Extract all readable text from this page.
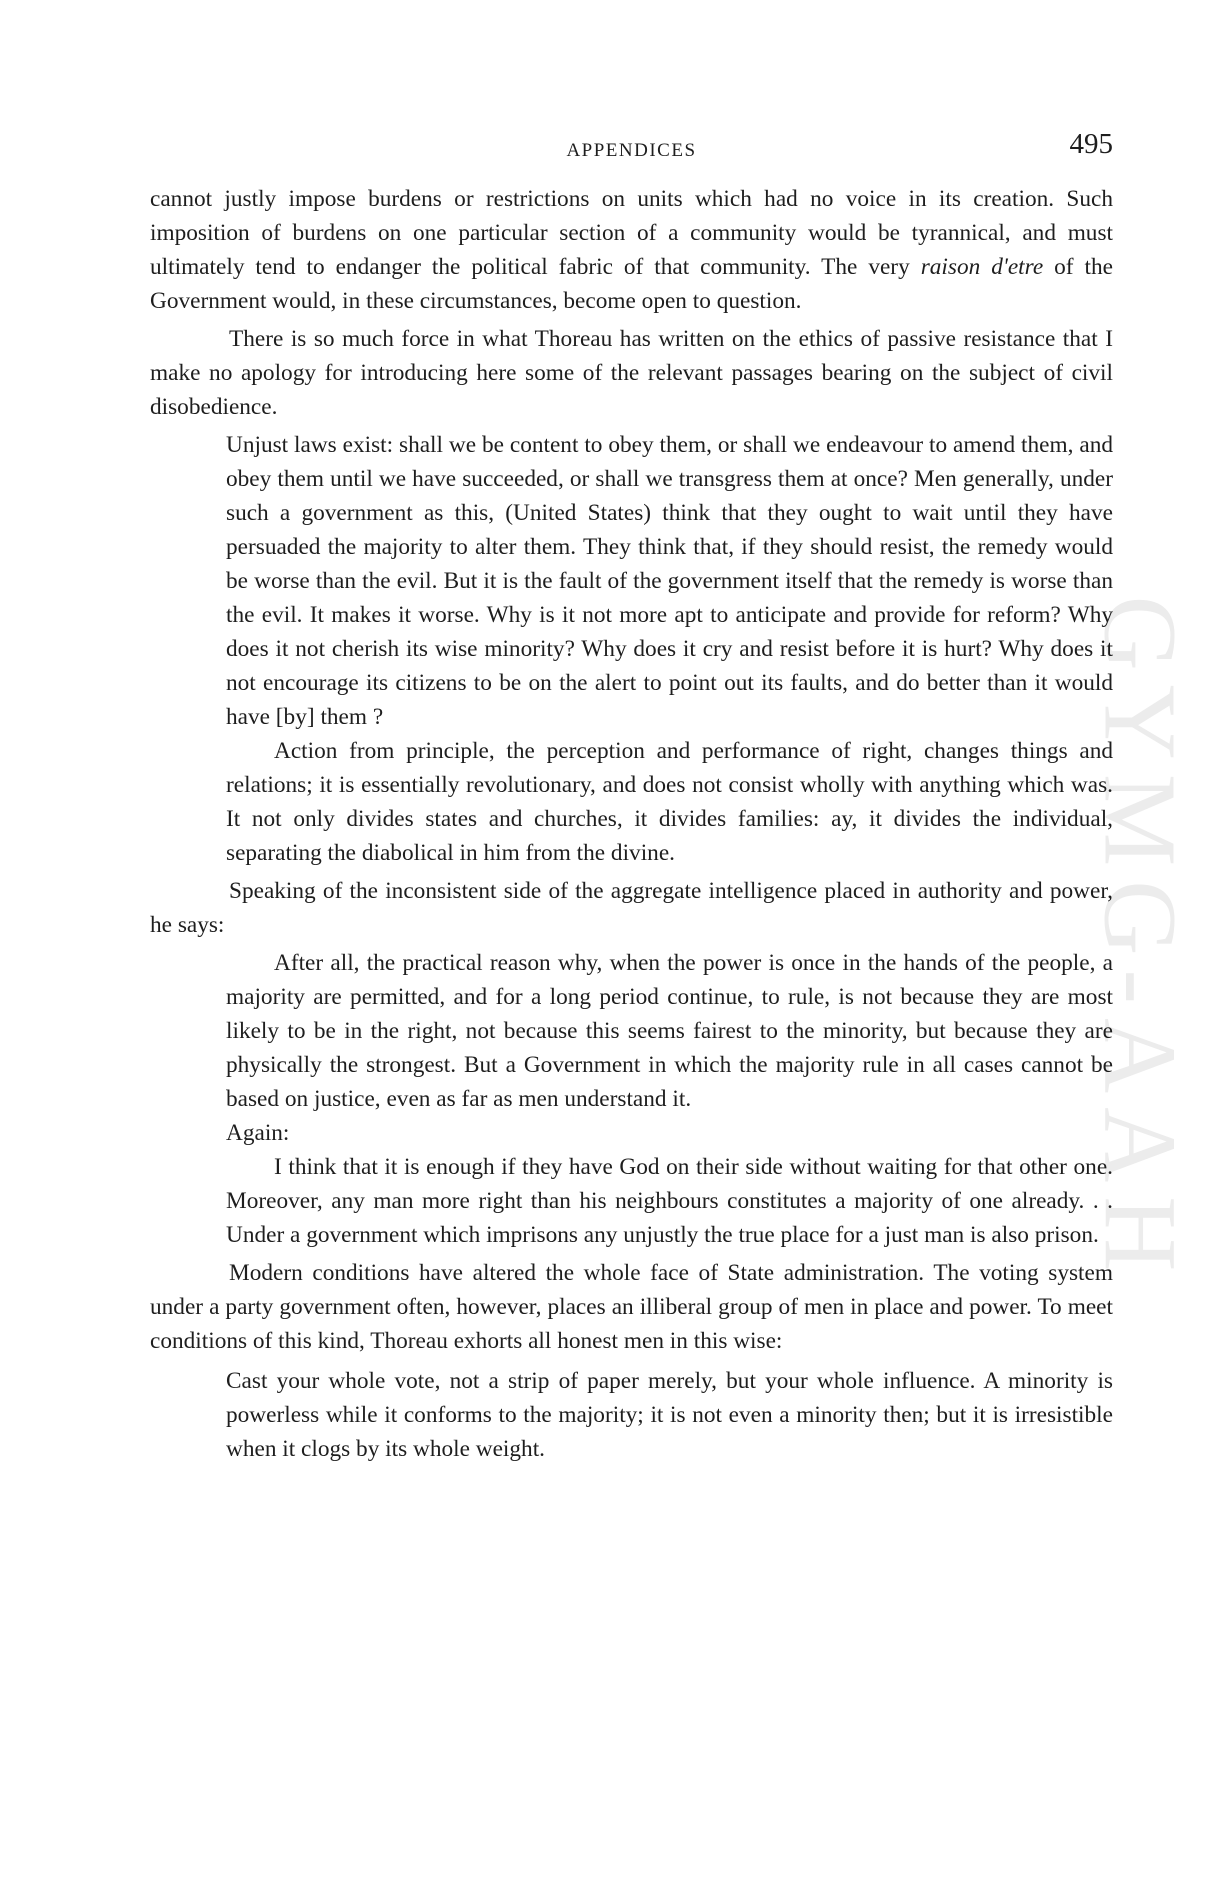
GYMG-AAH
APPENDICES	495

cannot justly impose burdens or restrictions on units which had no voice in its creation. Such imposition of burdens on one particular section of a community would be tyrannical, and must ultimately tend to endanger the political fabric of that community. The very raison d'etre of the Government would, in these circumstances, become open to question.

There is so much force in what Thoreau has written on the ethics of passive resistance that I make no apology for introducing here some of the relevant passages bearing on the subject of civil disobedience.

Unjust laws exist: shall we be content to obey them, or shall we endeavour to amend them, and obey them until we have succeeded, or shall we transgress them at once? Men generally, under such a government as this, (United States) think that they ought to wait until they have persuaded the majority to alter them. They think that, if they should resist, the remedy would be worse than the evil. But it is the fault of the government itself that the remedy is worse than the evil. It makes it worse. Why is it not more apt to anticipate and provide for reform? Why does it not cherish its wise minority? Why does it cry and resist before it is hurt? Why does it not encourage its citizens to be on the alert to point out its faults, and do better than it would have [by] them ?

Action from principle, the perception and performance of right, changes things and relations; it is essentially revolutionary, and does not consist wholly with anything which was. It not only divides states and churches, it divides families: ay, it divides the individual, separating the diabolical in him from the divine.

Speaking of the inconsistent side of the aggregate intelligence placed in authority and power, he says:

After all, the practical reason why, when the power is once in the hands of the people, a majority are permitted, and for a long period continue, to rule, is not because they are most likely to be in the right, not because this seems fairest to the minority, but because they are physically the strongest. But a Government in which the majority rule in all cases cannot be based on justice, even as far as men understand it.

Again:

I think that it is enough if they have God on their side without waiting for that other one. Moreover, any man more right than his neighbours constitutes a majority of one already. . . Under a government which imprisons any unjustly the true place for a just man is also prison.

Modern conditions have altered the whole face of State administration. The voting system under a party government often, however, places an illiberal group of men in place and power. To meet conditions of this kind, Thoreau exhorts all honest men in this wise:

Cast your whole vote, not a strip of paper merely, but your whole influence. A minority is powerless while it conforms to the majority; it is not even a minority then; but it is irresistible when it clogs by its whole weight.
